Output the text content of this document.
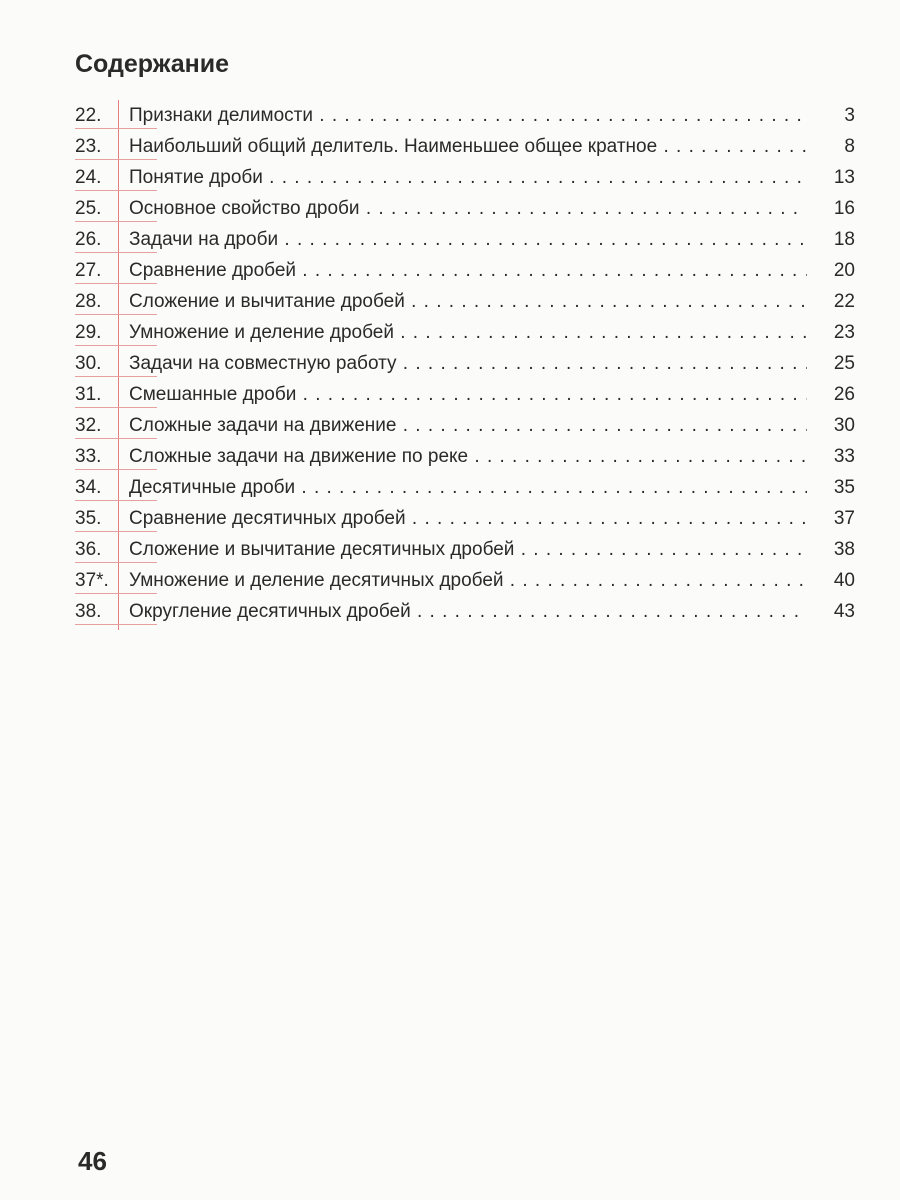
Содержание
22.	Признаки делимости . . .	3
23.	Наибольший общий делитель. Наименьшее общее кратное . . .	8
24.	Понятие дроби . . .	13
25.	Основное свойство дроби . . .	16
26.	Задачи на дроби . . .	18
27.	Сравнение дробей . . .	20
28.	Сложение и вычитание дробей . . .	22
29.	Умножение и деление дробей . . .	23
30.	Задачи на совместную работу . . .	25
31.	Смешанные дроби . . .	26
32.	Сложные задачи на движение . . .	30
33.	Сложные задачи на движение по реке . . .	33
34.	Десятичные дроби . . .	35
35.	Сравнение десятичных дробей . . .	37
36.	Сложение и вычитание десятичных дробей . . .	38
37*.	Умножение и деление десятичных дробей . . .	40
38.	Округление десятичных дробей . . .	43
46
